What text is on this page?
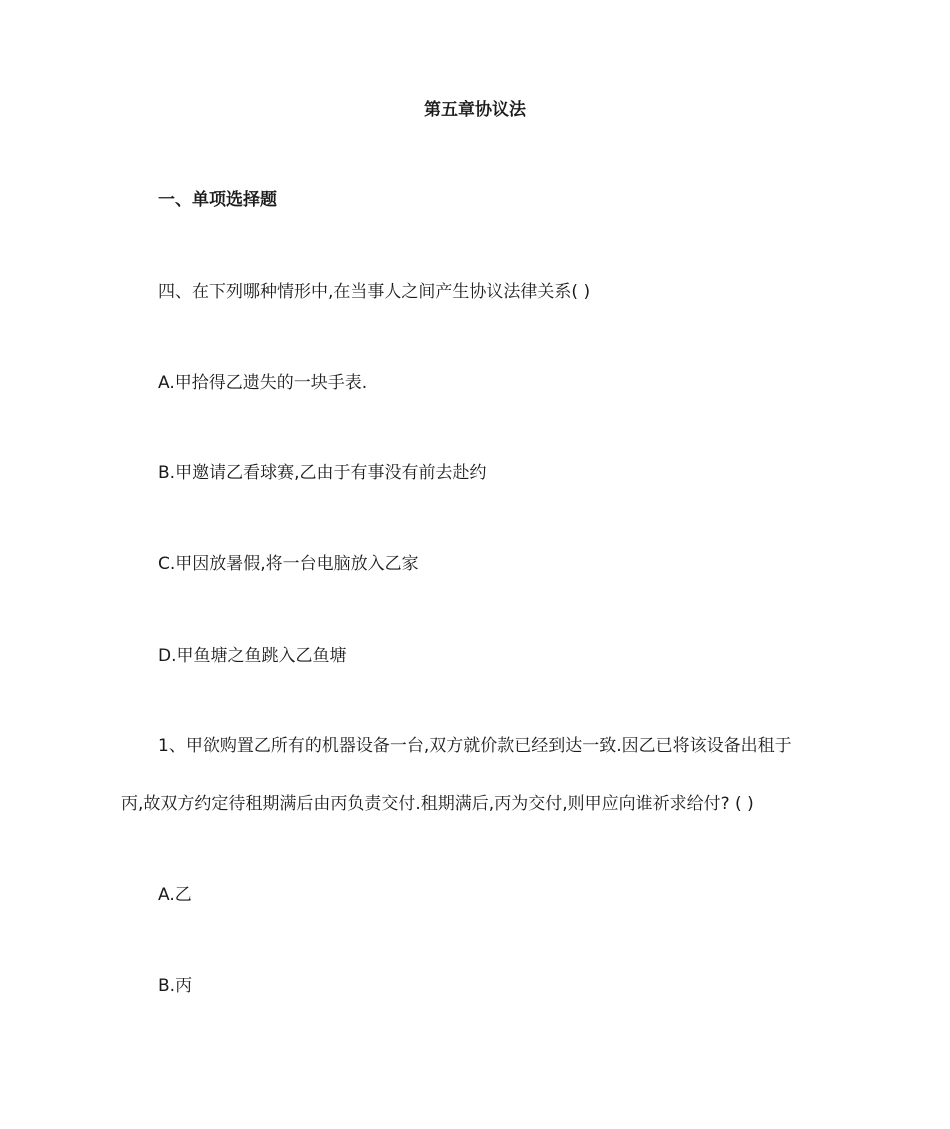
第五章协议法
一、单项选择题
四、在下列哪种情形中,在当事人之间产生协议法律关系( )
A.甲拾得乙遗失的一块手表.
B.甲邀请乙看球赛,乙由于有事没有前去赴约
C.甲因放暑假,将一台电脑放入乙家
D.甲鱼塘之鱼跳入乙鱼塘
1、甲欲购置乙所有的机器设备一台,双方就价款已经到达一致.因乙已将该设备出租于
丙,故双方约定待租期满后由丙负责交付.租期满后,丙为交付,则甲应向谁祈求给付? ( )
A.乙
B.丙
